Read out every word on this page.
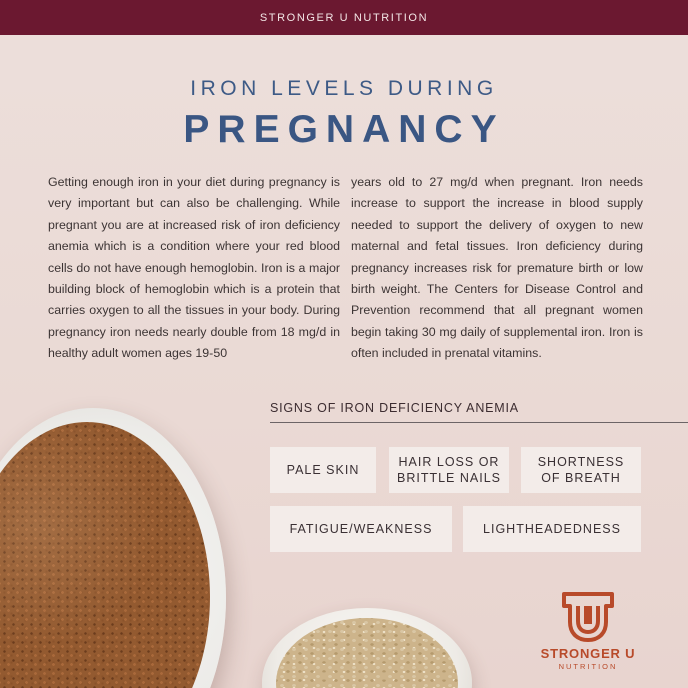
STRONGER U NUTRITION
IRON LEVELS DURING
PREGNANCY
Getting enough iron in your diet during pregnancy is very important but can also be challenging. While pregnant you are at increased risk of iron deficiency anemia which is a condition where your red blood cells do not have enough hemoglobin. Iron is a major building block of hemoglobin which is a protein that carries oxygen to all the tissues in your body. During pregnancy iron needs nearly double from 18 mg/d in healthy adult women ages 19-50
years old to 27 mg/d when pregnant. Iron needs increase to support the increase in blood supply needed to support the delivery of oxygen to new maternal and fetal tissues. Iron deficiency during pregnancy increases risk for premature birth or low birth weight. The Centers for Disease Control and Prevention recommend that all pregnant women begin taking 30 mg daily of supplemental iron. Iron is often included in prenatal vitamins.
SIGNS OF IRON DEFICIENCY ANEMIA
PALE SKIN
HAIR LOSS OR
BRITTLE NAILS
SHORTNESS
OF BREATH
FATIGUE/WEAKNESS	LIGHTHEADEDNESS
STRONGER U
NUTRITION
